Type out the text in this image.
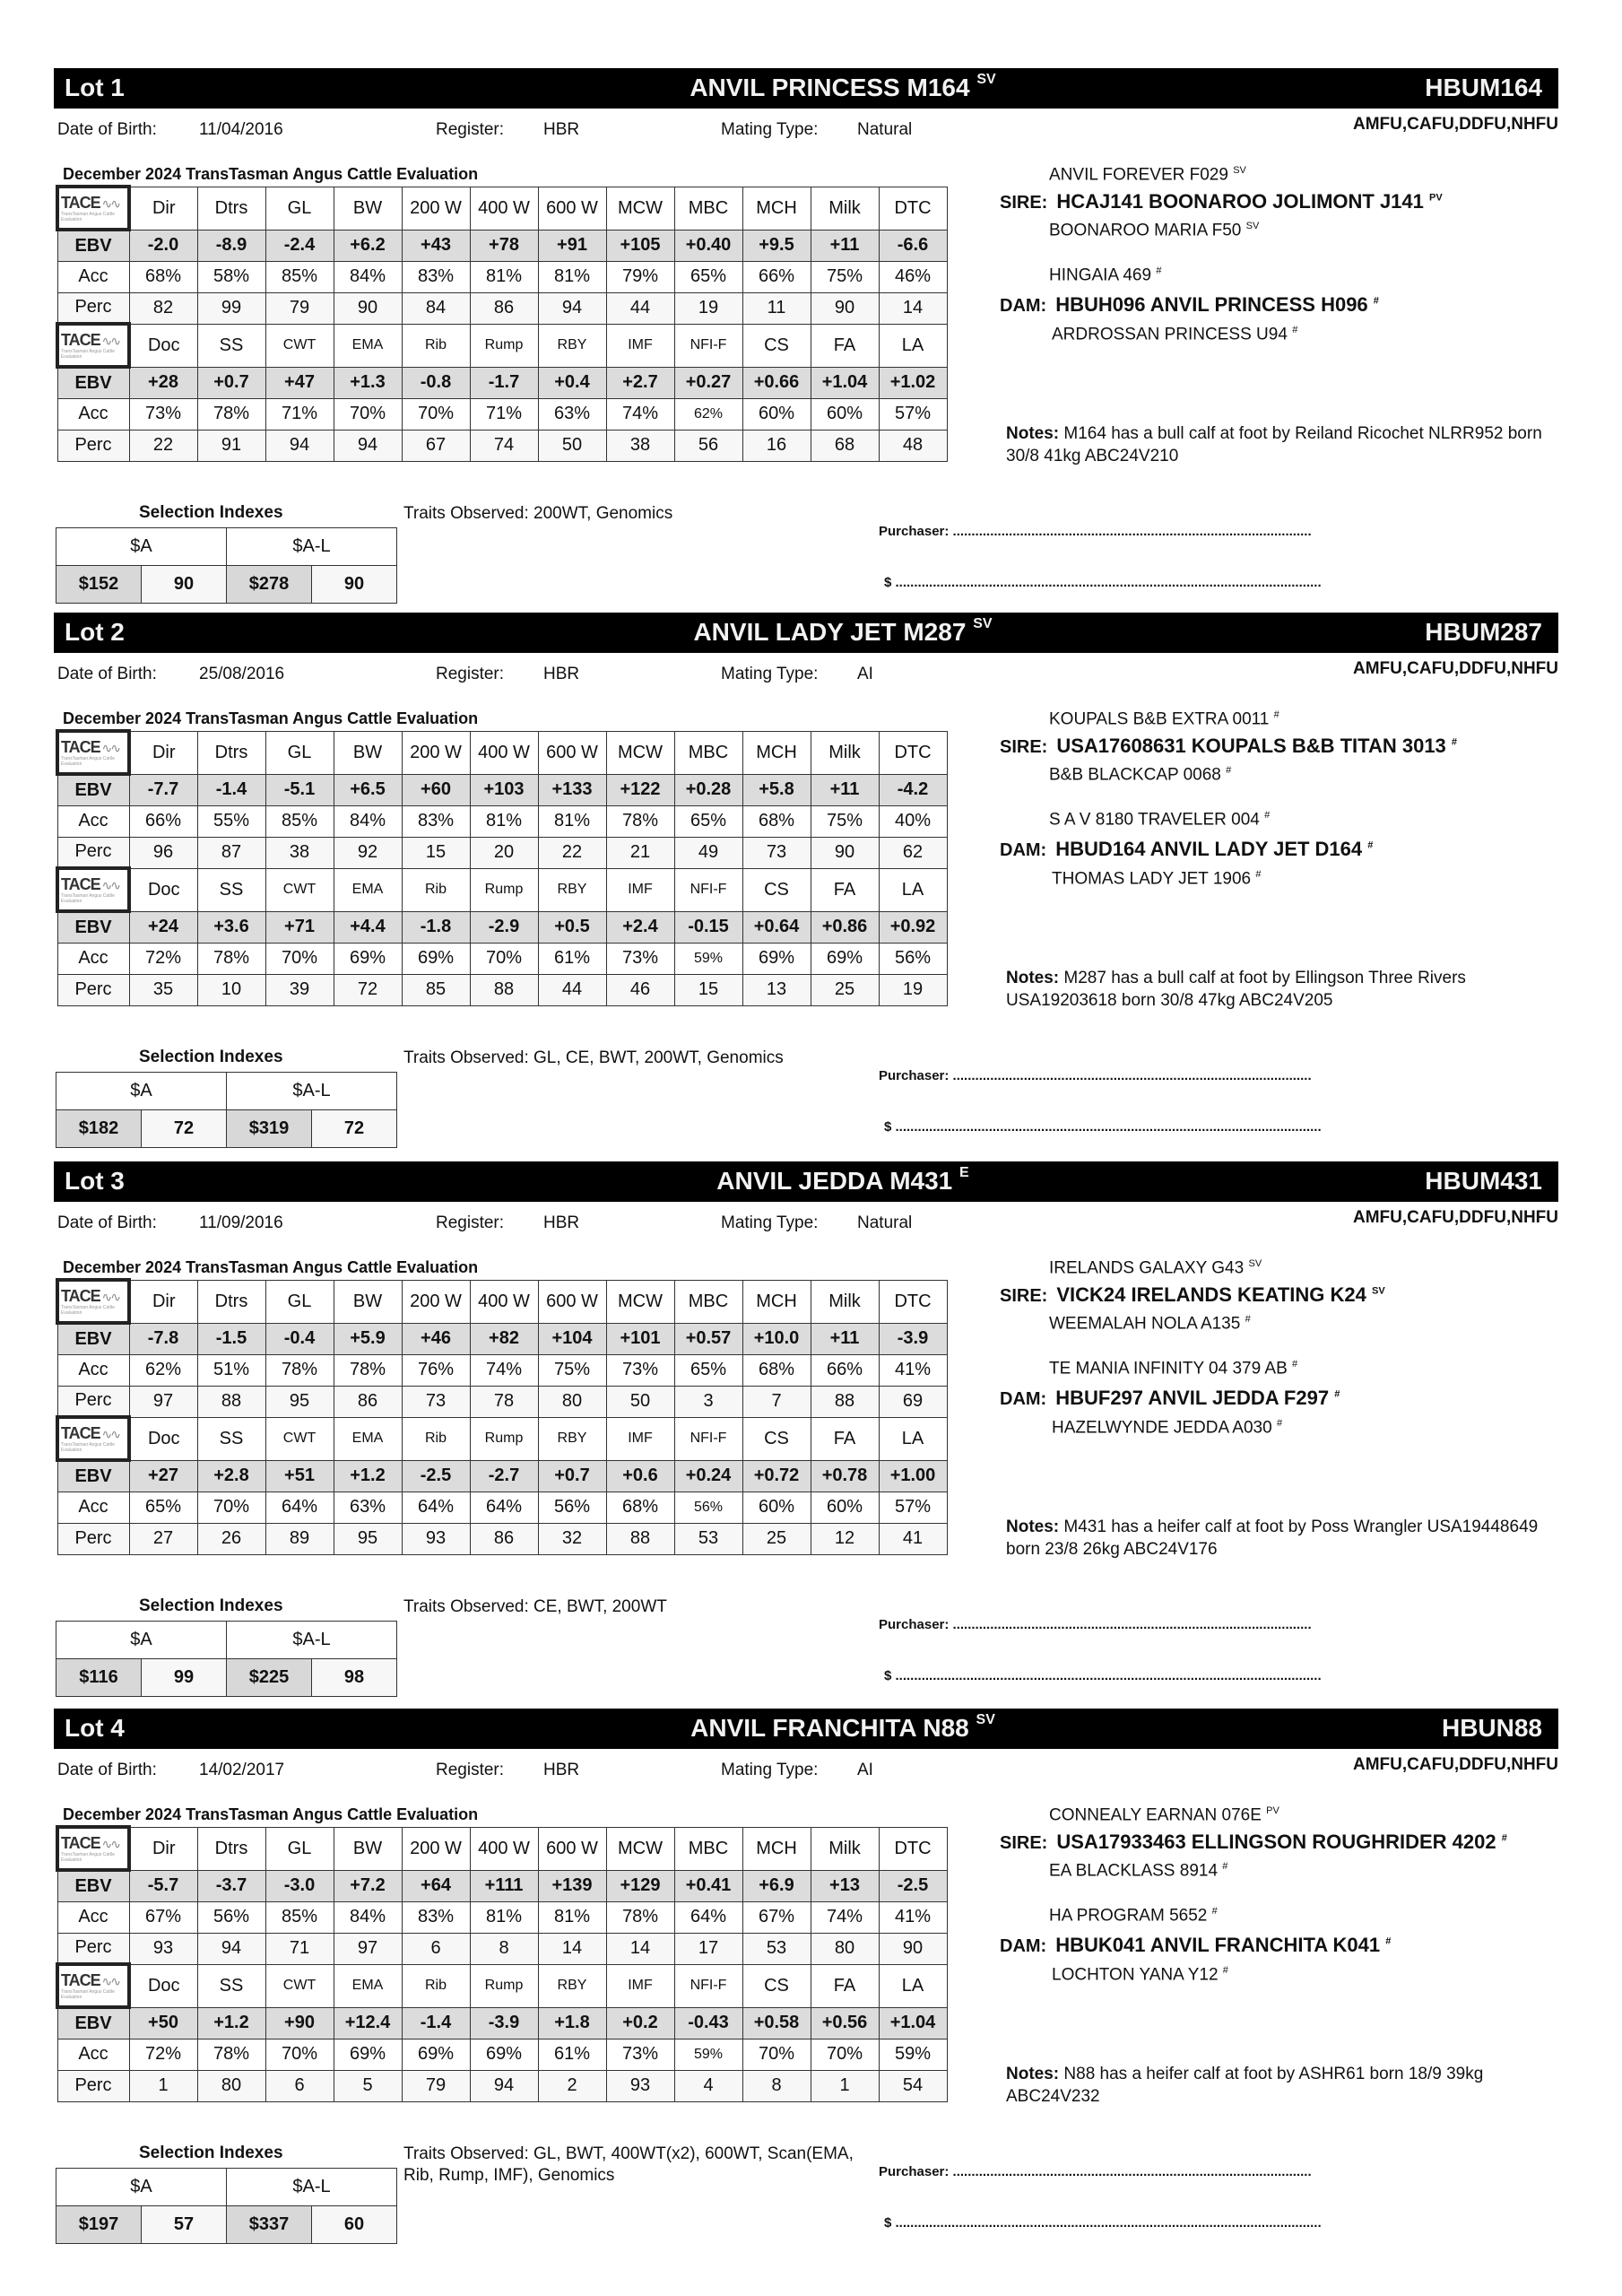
Lot 1	ANVIL PRINCESS M164 $^{SV}$	HBUM164
Date of Birth: 11/04/2016	Register: HBR	Mating Type: Natural	AMFU,CAFU,DDFU,NHFU
December 2024 TransTasman Angus Cattle Evaluation
TACE ∿∿
TransTasman Angus Cattle Evaluation	Dir	Dtrs	GL	BW	200 W	400 W	600 W	MCW	MBC	MCH	Milk	DTC
EBV	-2.0	-8.9	-2.4	+6.2	+43	+78	+91	+105	+0.40	+9.5	+11	-6.6
Acc	68%	58%	85%	84%	83%	81%	81%	79%	65%	66%	75%	46%
Perc	82	99	79	90	84	86	94	44	19	11	90	14

TACE ∿∿
TransTasman Angus Cattle Evaluation	Doc	SS	CWT	EMA	Rib	Rump	RBY	IMF	NFI-F	CS	FA	LA
EBV	+28	+0.7	+47	+1.3	-0.8	-1.7	+0.4	+2.7	+0.27	+0.66	+1.04	+1.02
Acc	73%	78%	71%	70%	70%	71%	63%	74%	62%	60%	60%	57%
Perc	22	91	94	94	67	74	50	38	56	16	68	48
ANVIL FOREVER F029 $^{SV}$
SIRE: HCAJ141 BOONAROO JOLIMONT J141 $^{PV}$
BOONAROO MARIA F50 $^{SV}$
HINGAIA 469 #
DAM: HBUH096 ANVIL PRINCESS H096 #
ARDROSSAN PRINCESS U94 #
Notes: M164 has a bull calf at foot by Reiland Ricochet NLRR952 born 30/8 41kg ABC24V210
Selection Indexes
$A		$A-L	
$152	90	$278	90
Traits Observed: 200WT, Genomics
Purchaser: ................................................................................................
$ ..................................................................................................................
Lot 2	ANVIL LADY JET M287 $^{SV}$	HBUM287
Date of Birth: 25/08/2016	Register: HBR	Mating Type: AI	AMFU,CAFU,DDFU,NHFU
December 2024 TransTasman Angus Cattle Evaluation
TACE ∿∿
TransTasman Angus Cattle Evaluation	Dir	Dtrs	GL	BW	200 W	400 W	600 W	MCW	MBC	MCH	Milk	DTC
EBV	-7.7	-1.4	-5.1	+6.5	+60	+103	+133	+122	+0.28	+5.8	+11	-4.2
Acc	66%	55%	85%	84%	83%	81%	81%	78%	65%	68%	75%	40%
Perc	96	87	38	92	15	20	22	21	49	73	90	62

TACE ∿∿
TransTasman Angus Cattle Evaluation	Doc	SS	CWT	EMA	Rib	Rump	RBY	IMF	NFI-F	CS	FA	LA
EBV	+24	+3.6	+71	+4.4	-1.8	-2.9	+0.5	+2.4	-0.15	+0.64	+0.86	+0.92
Acc	72%	78%	70%	69%	69%	70%	61%	73%	59%	69%	69%	56%
Perc	35	10	39	72	85	88	44	46	15	13	25	19
KOUPALS B&B EXTRA 0011 #
SIRE: USA17608631 KOUPALS B&B TITAN 3013 #
B&B BLACKCAP 0068 #
S A V 8180 TRAVELER 004 #
DAM: HBUD164 ANVIL LADY JET D164 #
THOMAS LADY JET 1906 #
Notes: M287 has a bull calf at foot by Ellingson Three Rivers USA19203618 born 30/8 47kg ABC24V205
Selection Indexes
$A		$A-L	
$182	72	$319	72
Traits Observed: GL, CE, BWT, 200WT, Genomics
Purchaser: ................................................................................................
$ ..................................................................................................................
Lot 3	ANVIL JEDDA M431 $^E$	HBUM431
Date of Birth: 11/09/2016	Register: HBR	Mating Type: Natural	AMFU,CAFU,DDFU,NHFU
December 2024 TransTasman Angus Cattle Evaluation
TACE ∿∿
TransTasman Angus Cattle Evaluation	Dir	Dtrs	GL	BW	200 W	400 W	600 W	MCW	MBC	MCH	Milk	DTC
EBV	-7.8	-1.5	-0.4	+5.9	+46	+82	+104	+101	+0.57	+10.0	+11	-3.9
Acc	62%	51%	78%	78%	76%	74%	75%	73%	65%	68%	66%	41%
Perc	97	88	95	86	73	78	80	50	3	7	88	69

TACE ∿∿
TransTasman Angus Cattle Evaluation	Doc	SS	CWT	EMA	Rib	Rump	RBY	IMF	NFI-F	CS	FA	LA
EBV	+27	+2.8	+51	+1.2	-2.5	-2.7	+0.7	+0.6	+0.24	+0.72	+0.78	+1.00
Acc	65%	70%	64%	63%	64%	64%	56%	68%	56%	60%	60%	57%
Perc	27	26	89	95	93	86	32	88	53	25	12	41
IRELANDS GALAXY G43 $^{SV}$
SIRE: VICK24 IRELANDS KEATING K24 $^{SV}$
WEEMALAH NOLA A135 #
TE MANIA INFINITY 04 379 AB #
DAM: HBUF297 ANVIL JEDDA F297 #
HAZELWYNDE JEDDA A030 #
Notes: M431 has a heifer calf at foot by Poss Wrangler USA19448649 born 23/8 26kg ABC24V176
Selection Indexes
$A		$A-L	
$116	99	$225	98
Traits Observed: CE, BWT, 200WT
Purchaser: ................................................................................................
$ ..................................................................................................................
Lot 4	ANVIL FRANCHITA N88 $^{SV}$	HBUN88
Date of Birth: 14/02/2017	Register: HBR	Mating Type: AI	AMFU,CAFU,DDFU,NHFU
December 2024 TransTasman Angus Cattle Evaluation
TACE ∿∿
TransTasman Angus Cattle Evaluation	Dir	Dtrs	GL	BW	200 W	400 W	600 W	MCW	MBC	MCH	Milk	DTC
EBV	-5.7	-3.7	-3.0	+7.2	+64	+111	+139	+129	+0.41	+6.9	+13	-2.5
Acc	67%	56%	85%	84%	83%	81%	81%	78%	64%	67%	74%	41%
Perc	93	94	71	97	6	8	14	14	17	53	80	90

TACE ∿∿
TransTasman Angus Cattle Evaluation	Doc	SS	CWT	EMA	Rib	Rump	RBY	IMF	NFI-F	CS	FA	LA
EBV	+50	+1.2	+90	+12.4	-1.4	-3.9	+1.8	+0.2	-0.43	+0.58	+0.56	+1.04
Acc	72%	78%	70%	69%	69%	69%	61%	73%	59%	70%	70%	59%
Perc	1	80	6	5	79	94	2	93	4	8	1	54
CONNEALY EARNAN 076E $^{PV}$
SIRE: USA17933463 ELLINGSON ROUGHRIDER 4202 #
EA BLACKLASS 8914 #
HA PROGRAM 5652 #
DAM: HBUK041 ANVIL FRANCHITA K041 #
LOCHTON YANA Y12 #
Notes: N88 has a heifer calf at foot by ASHR61 born 18/9 39kg ABC24V232
Selection Indexes
$A		$A-L	
$197	57	$337	60
Traits Observed: GL, BWT, 400WT(x2), 600WT, Scan(EMA, Rib, Rump, IMF), Genomics	Purchaser: ................................................................................................
$ ..................................................................................................................
